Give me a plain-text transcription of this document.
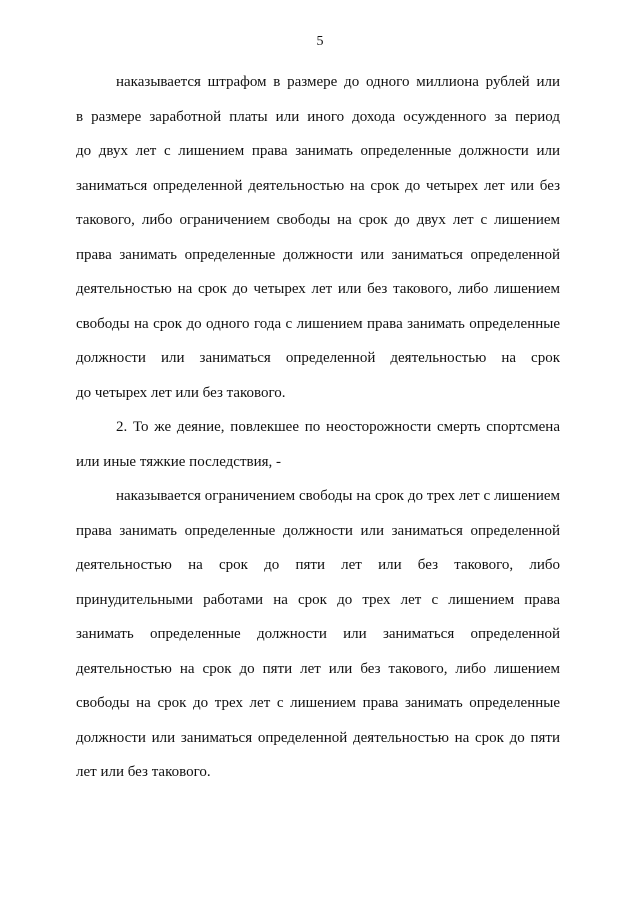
5
наказывается штрафом в размере до одного миллиона рублей или
в размере заработной платы или иного дохода осужденного за период
до двух лет с лишением права занимать определенные должности или
заниматься определенной деятельностью на срок до четырех лет или без
такового, либо ограничением свободы на срок до двух лет с лишением
права занимать определенные должности или заниматься определенной
деятельностью на срок до четырех лет или без такового, либо лишением
свободы на срок до одного года с лишением права занимать определенные
должности или заниматься определенной деятельностью на срок
до четырех лет или без такового.
2. То же деяние, повлекшее по неосторожности смерть спортсмена
или иные тяжкие последствия, -
наказывается ограничением свободы на срок до трех лет с лишением
права занимать определенные должности или заниматься определенной
деятельностью на срок до пяти лет или без такового, либо
принудительными работами на срок до трех лет с лишением права
занимать определенные должности или заниматься определенной
деятельностью на срок до пяти лет или без такового, либо лишением
свободы на срок до трех лет с лишением права занимать определенные
должности или заниматься определенной деятельностью на срок до пяти
лет или без такового.
